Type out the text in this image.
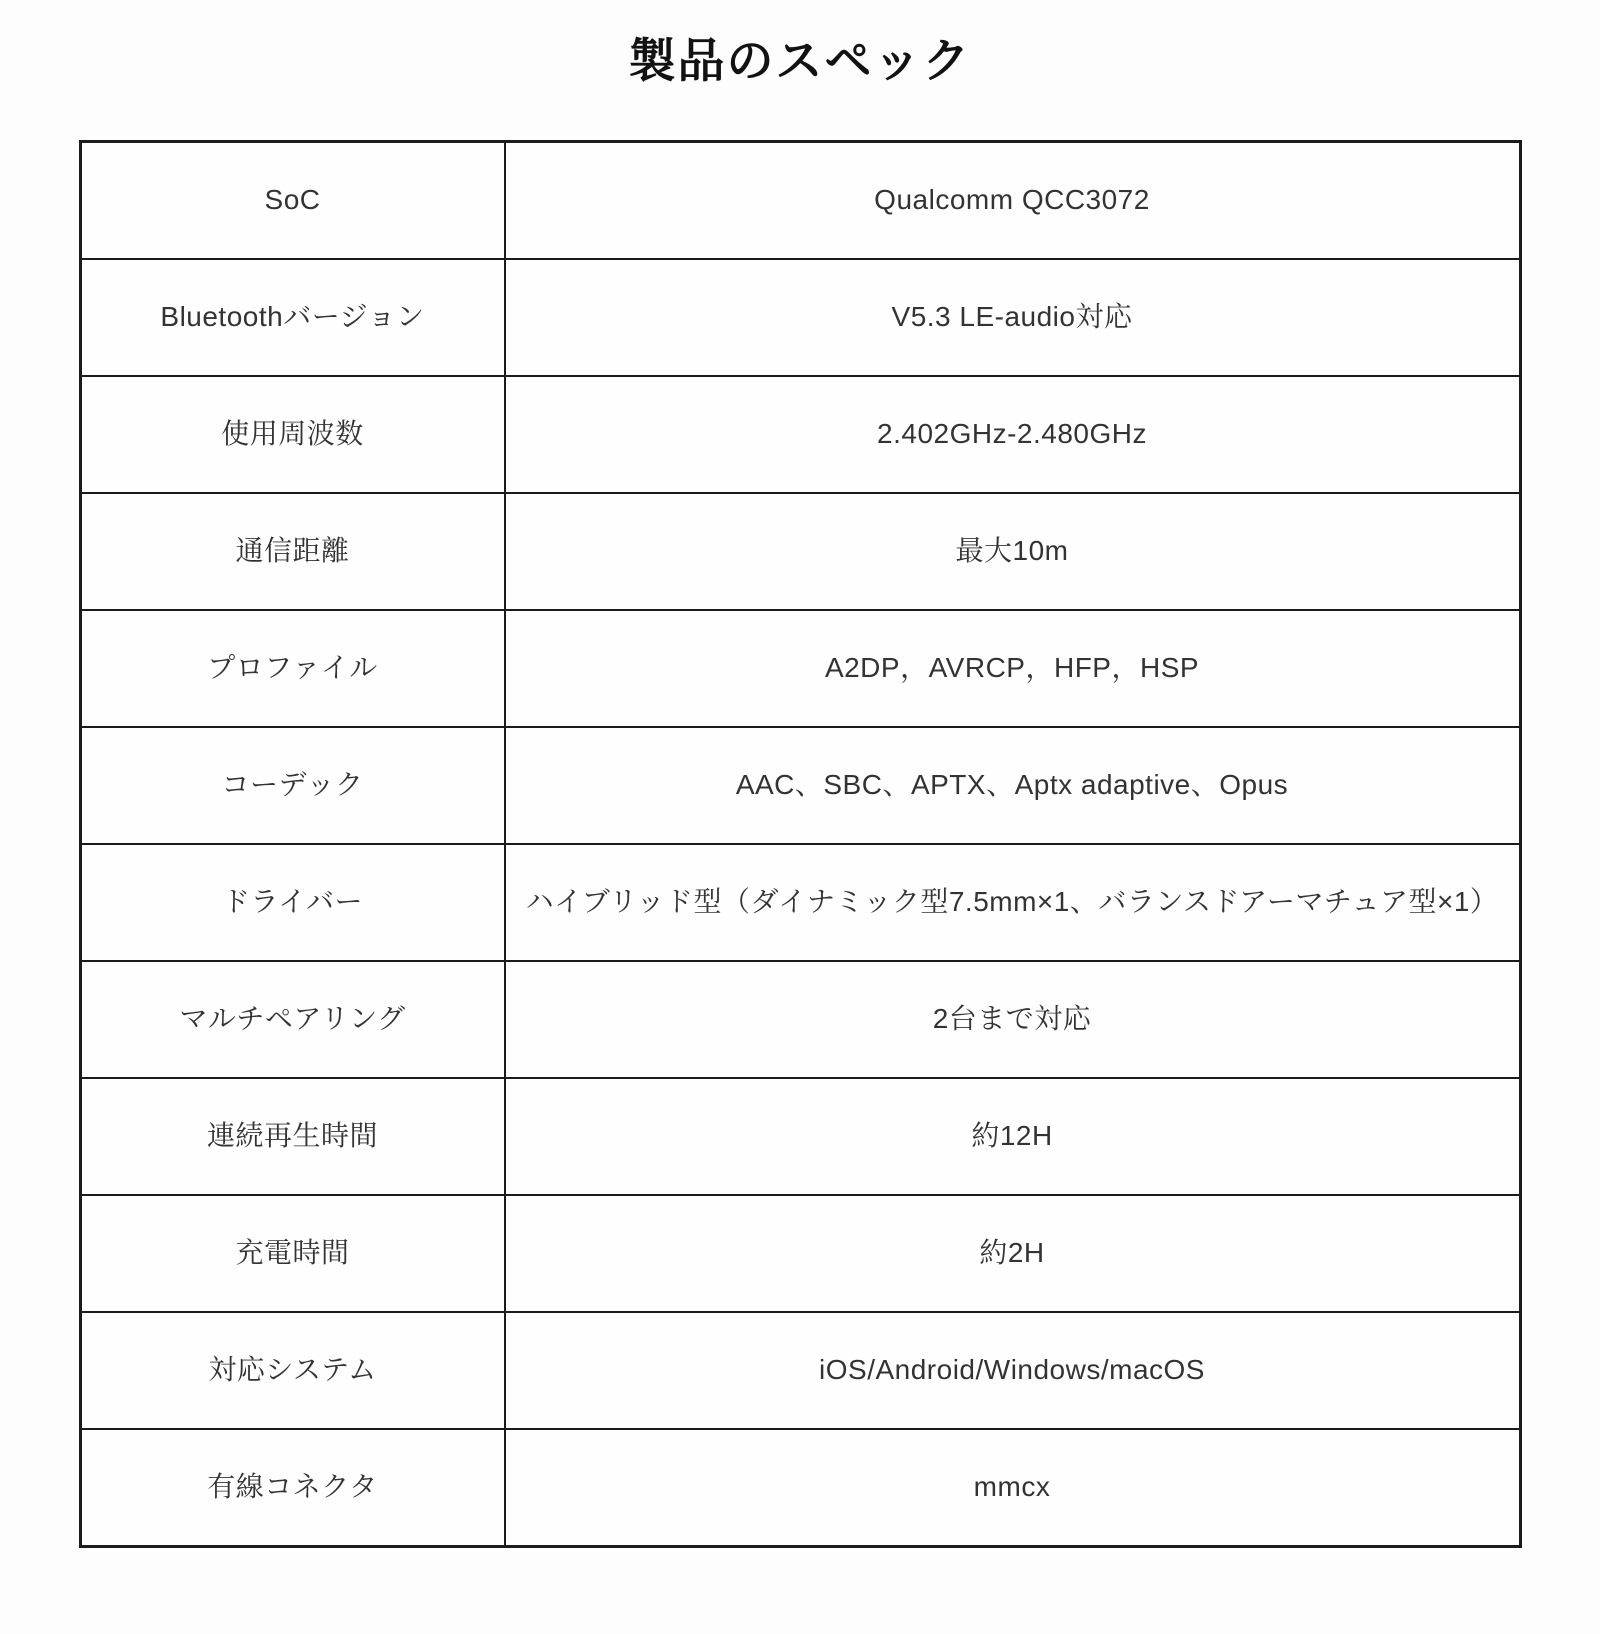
製品のスペック
SoC	Qualcomm QCC3072
Bluetoothバージョン	V5.3 LE-audio対応
使用周波数	2.402GHz-2.480GHz
通信距離	最大10m
プロファイル	A2DP，AVRCP，HFP，HSP
コーデック	AAC、SBC、APTX、Aptx adaptive、Opus
ドライバー	ハイブリッド型（ダイナミック型7.5mm×1、バランスドアーマチュア型×1）
マルチペアリング	2台まで対応
連続再生時間	約12H
充電時間	約2H
対応システム	iOS/Android/Windows/macOS
有線コネクタ	mmcx
